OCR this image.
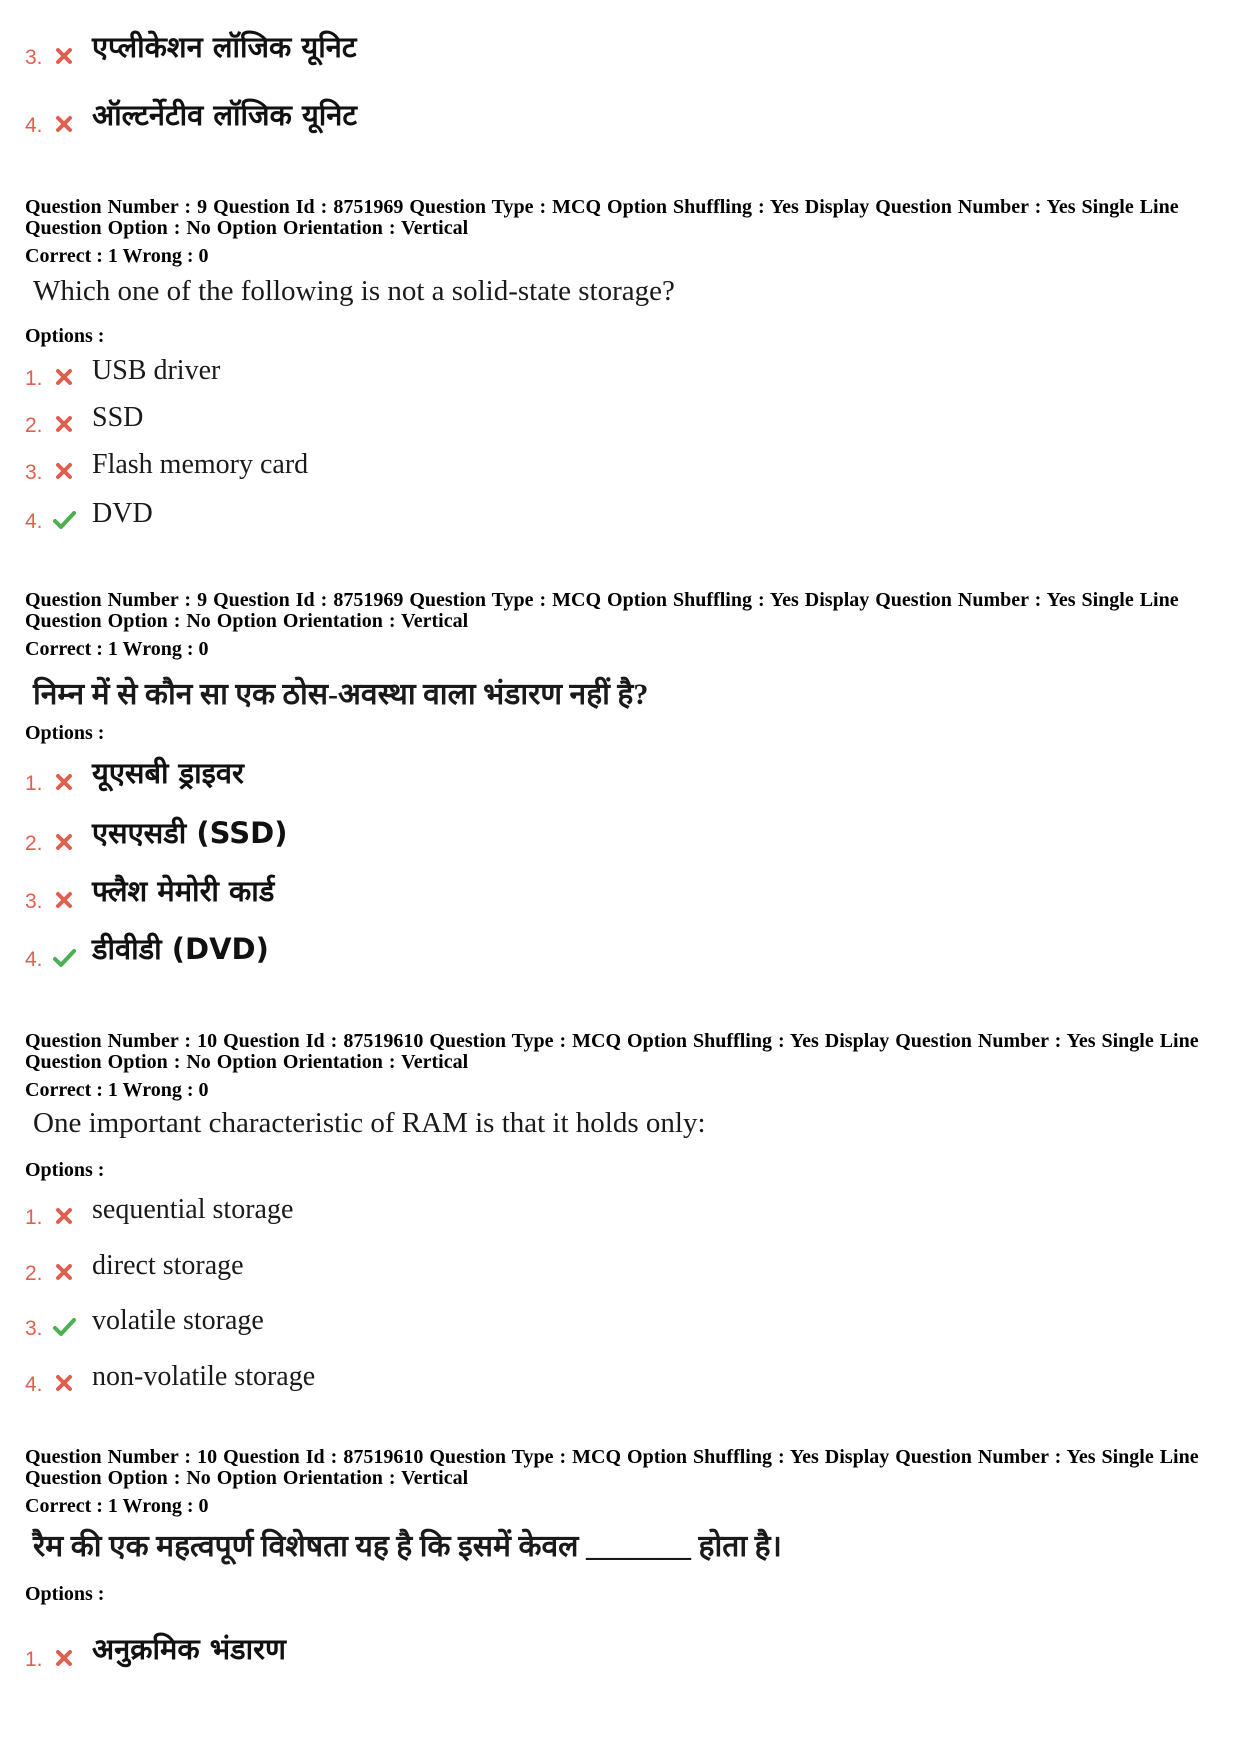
3. एप्लीकेशन लॉजिक यूनिट
4. ऑल्टर्नेटीव लॉजिक यूनिट
Question Number : 9 Question Id : 8751969 Question Type : MCQ Option Shuffling : Yes Display Question Number : Yes Single Line Question Option : No Option Orientation : Vertical
Correct : 1 Wrong : 0
Which one of the following is not a solid-state storage?
Options :
1. USB driver
2. SSD
3. Flash memory card
4. DVD
Question Number : 9 Question Id : 8751969 Question Type : MCQ Option Shuffling : Yes Display Question Number : Yes Single Line Question Option : No Option Orientation : Vertical
Correct : 1 Wrong : 0
निम्न में से कौन सा एक ठोस-अवस्था वाला भंडारण नहीं है?
Options :
1. यूएसबी ड्राइवर
2. एसएसडी (SSD)
3. फ्लैश मेमोरी कार्ड
4. डीवीडी (DVD)
Question Number : 10 Question Id : 87519610 Question Type : MCQ Option Shuffling : Yes Display Question Number : Yes Single Line Question Option : No Option Orientation : Vertical
Correct : 1 Wrong : 0
One important characteristic of RAM is that it holds only:
Options :
1. sequential storage
2. direct storage
3. volatile storage
4. non-volatile storage
Question Number : 10 Question Id : 87519610 Question Type : MCQ Option Shuffling : Yes Display Question Number : Yes Single Line Question Option : No Option Orientation : Vertical
Correct : 1 Wrong : 0
रैम की एक महत्वपूर्ण विशेषता यह है कि इसमें केवल _______ होता है।
Options :
1. अनुक्रमिक भंडारण
